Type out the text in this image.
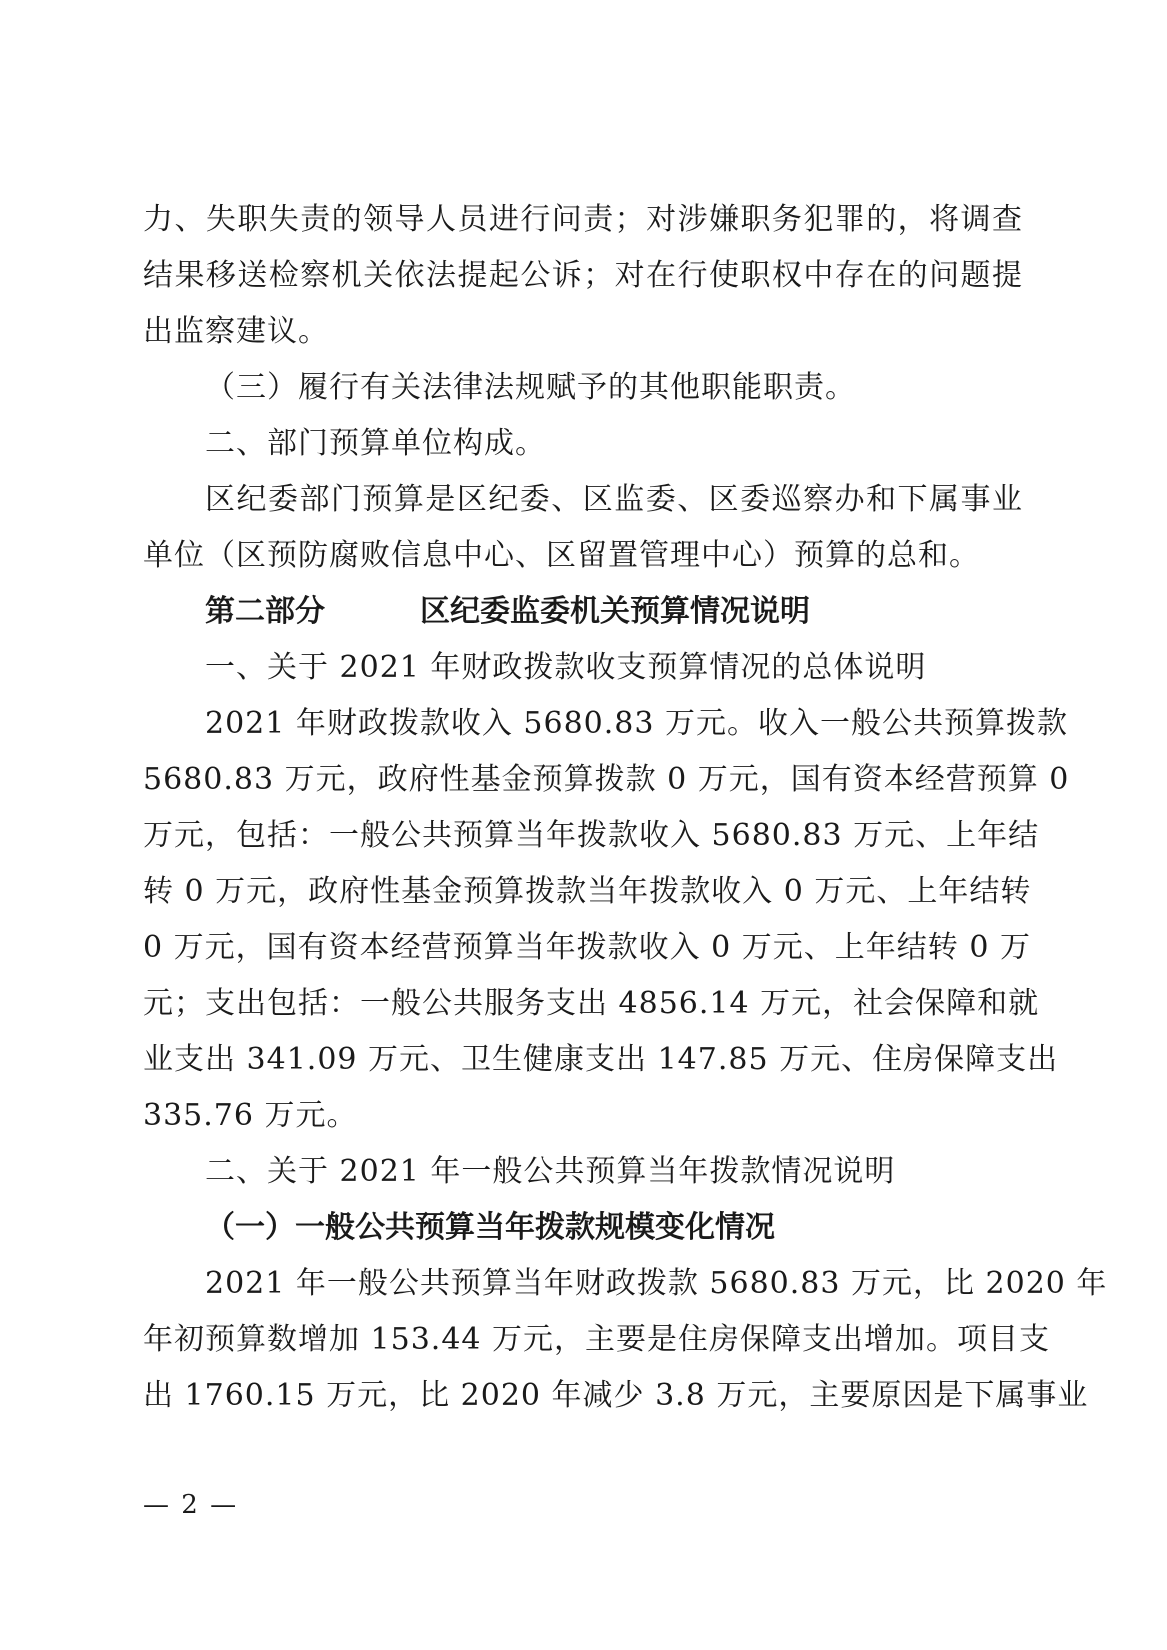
力、失职失责的领导人员进行问责；对涉嫌职务犯罪的，将调查
结果移送检察机关依法提起公诉；对在行使职权中存在的问题提
出监察建议。
（三）履行有关法律法规赋予的其他职能职责。
二、部门预算单位构成。
区纪委部门预算是区纪委、区监委、区委巡察办和下属事业
单位（区预防腐败信息中心、区留置管理中心）预算的总和。
第二部分	区纪委监委机关预算情况说明
一、关于 2021 年财政拨款收支预算情况的总体说明
2021 年财政拨款收入 5680.83 万元。收入一般公共预算拨款
5680.83 万元，政府性基金预算拨款 0 万元，国有资本经营预算 0
万元，包括：一般公共预算当年拨款收入 5680.83 万元、上年结
转 0 万元，政府性基金预算拨款当年拨款收入 0 万元、上年结转
0 万元，国有资本经营预算当年拨款收入 0 万元、上年结转 0 万
元；支出包括：一般公共服务支出 4856.14 万元，社会保障和就
业支出 341.09 万元、卫生健康支出 147.85 万元、住房保障支出
335.76 万元。
二、关于 2021 年一般公共预算当年拨款情况说明
（一）一般公共预算当年拨款规模变化情况
2021 年一般公共预算当年财政拨款 5680.83 万元，比 2020 年
年初预算数增加 153.44 万元，主要是住房保障支出增加。项目支
出 1760.15 万元，比 2020 年减少 3.8 万元，主要原因是下属事业
— 2 —
